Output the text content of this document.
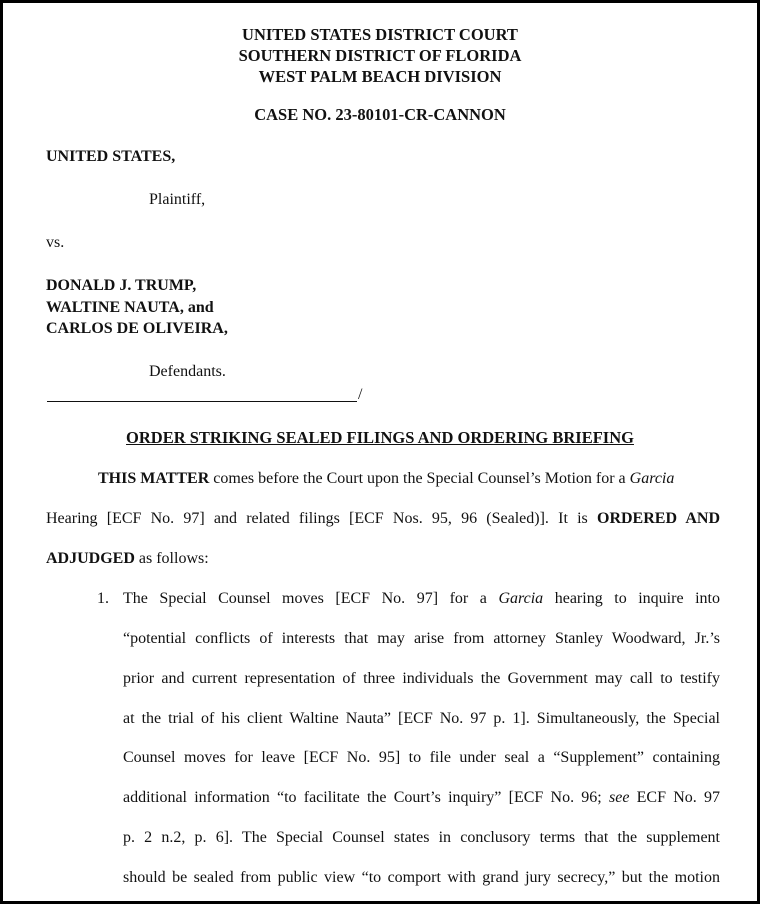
UNITED STATES DISTRICT COURT
SOUTHERN DISTRICT OF FLORIDA
WEST PALM BEACH DIVISION
CASE NO. 23-80101-CR-CANNON
UNITED STATES,
Plaintiff,
vs.
DONALD J. TRUMP,
WALTINE NAUTA, and
CARLOS DE OLIVEIRA,
Defendants.
/
ORDER STRIKING SEALED FILINGS AND ORDERING BRIEFING
THIS MATTER comes before the Court upon the Special Counsel’s Motion for a Garcia
Hearing [ECF No. 97] and related filings [ECF Nos. 95, 96 (Sealed)]. It is ORDERED AND
ADJUDGED as follows:
1. The Special Counsel moves [ECF No. 97] for a Garcia hearing to inquire into
“potential conflicts of interests that may arise from attorney Stanley Woodward, Jr.’s
prior and current representation of three individuals the Government may call to testify
at the trial of his client Waltine Nauta” [ECF No. 97 p. 1]. Simultaneously, the Special
Counsel moves for leave [ECF No. 95] to file under seal a “Supplement” containing
additional information “to facilitate the Court’s inquiry” [ECF No. 96; see ECF No. 97
p. 2 n.2, p. 6]. The Special Counsel states in conclusory terms that the supplement
should be sealed from public view “to comport with grand jury secrecy,” but the motion
